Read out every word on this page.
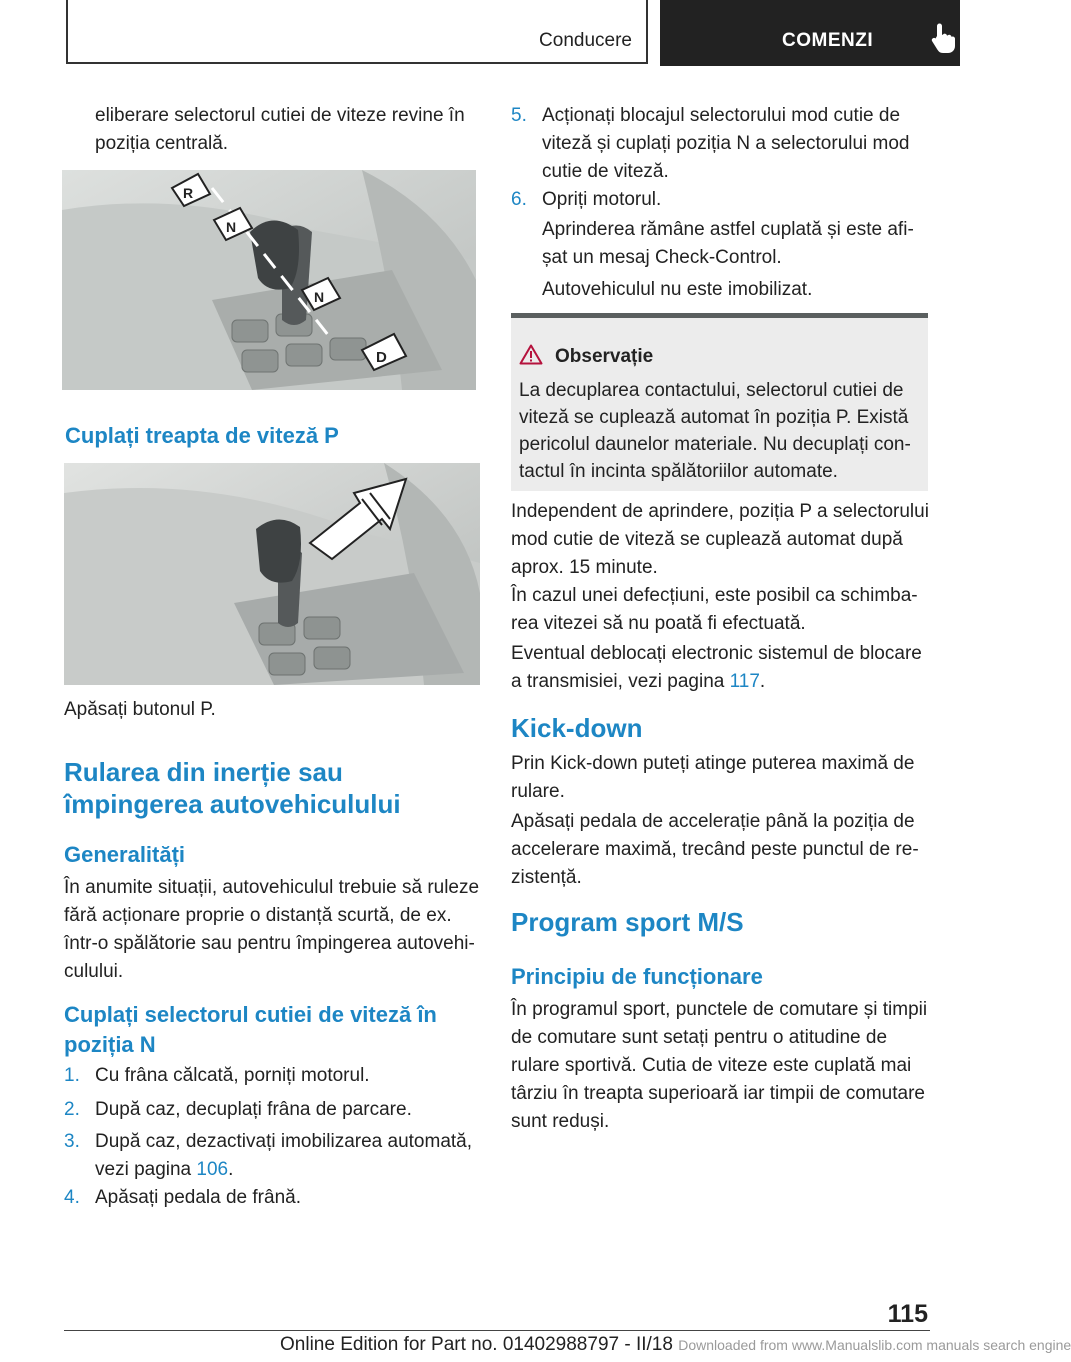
Conducere	COMENZI

eliberare selectorul cutiei de viteze revine în poziția centrală.

R
N
N
D
Cuplați treapta de viteză P

Apăsați butonul P.

Rularea din inerție sau împingerea autovehiculului
Generalități

În anumite situații, autovehiculul trebuie să ruleze fără acționare proprie o distanță scurtă, de ex. într-o spălătorie sau pentru împingerea autovehiculului.

Cuplați selectorul cutiei de viteză în poziția N
1. Cu frâna călcată, porniți motorul.
2. După caz, decuplați frâna de parcare.
3. După caz, dezactivați imobilizarea automată, vezi pagina 106.
4. Apăsați pedala de frână.
5. Acționați blocajul selectorului mod cutie de viteză și cuplați poziția N a selectorului mod cutie de viteză.
6. Opriți motorul.

Aprinderea rămâne astfel cuplată și este afișat un mesaj Check-Control.

Autovehiculul nu este imobilizat.

Observație
La decuplarea contactului, selectorul cutiei de viteză se cuplează automat în poziția P. Există pericolul daunelor materiale. Nu decuplați contactul în incinta spălătoriilor automate.

Independent de aprindere, poziția P a selectorului mod cutie de viteză se cuplează automat după aprox. 15 minute.

În cazul unei defecțiuni, este posibil ca schimbarea vitezei să nu poată fi efectuată.

Eventual deblocați electronic sistemul de blocare a transmisiei, vezi pagina 117.

Kick-down

Prin Kick-down puteți atinge puterea maximă de rulare.

Apăsați pedala de accelerație până la poziția de accelerare maximă, trecând peste punctul de rezistență.

Program sport M/S
Principiu de funcționare

În programul sport, punctele de comutare și timpii de comutare sunt setați pentru o atitudine de rulare sportivă. Cutia de viteze este cuplată mai târziu în treapta superioară iar timpii de comutare sunt reduși.

115
Online Edition for Part no. 01402988797 - II/18 Downloaded from www.Manualslib.com manuals search engine
